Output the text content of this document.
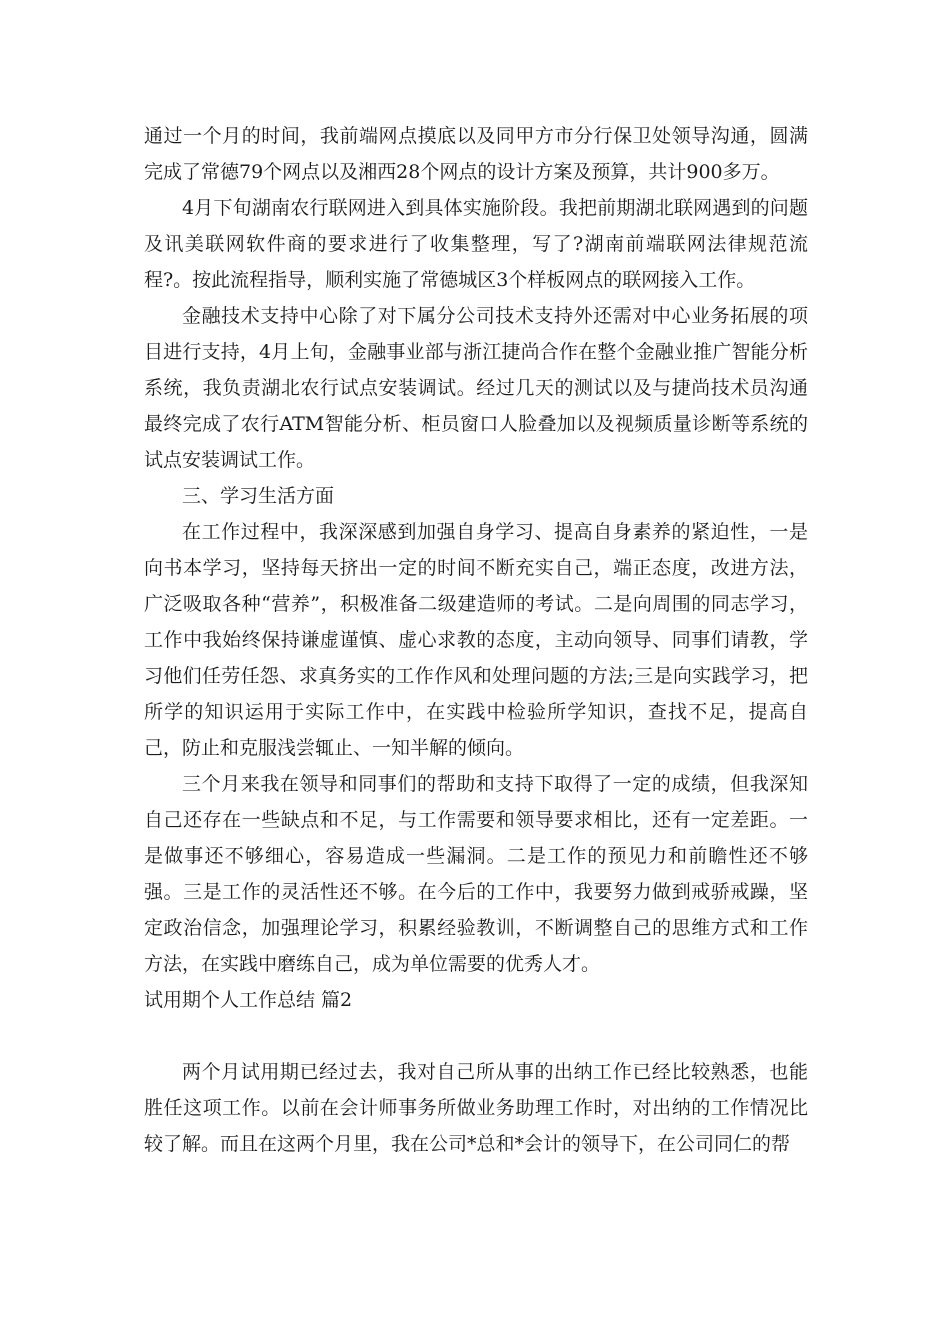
通过一个月的时间，我前端网点摸底以及同甲方市分行保卫处领导沟通，圆满完成了常德79个网点以及湘西28个网点的设计方案及预算，共计900多万。

4月下旬湖南农行联网进入到具体实施阶段。我把前期湖北联网遇到的问题及讯美联网软件商的要求进行了收集整理，写了?湖南前端联网法律规范流程?。按此流程指导，顺利实施了常德城区3个样板网点的联网接入工作。

金融技术支持中心除了对下属分公司技术支持外还需对中心业务拓展的项目进行支持，4月上旬，金融事业部与浙江捷尚合作在整个金融业推广智能分析系统，我负责湖北农行试点安装调试。经过几天的测试以及与捷尚技术员沟通最终完成了农行ATM智能分析、柜员窗口人脸叠加以及视频质量诊断等系统的试点安装调试工作。

三、学习生活方面

在工作过程中，我深深感到加强自身学习、提高自身素养的紧迫性，一是向书本学习，坚持每天挤出一定的时间不断充实自己，端正态度，改进方法，广泛吸取各种“营养”，积极准备二级建造师的考试。二是向周围的同志学习，工作中我始终保持谦虚谨慎、虚心求教的态度，主动向领导、同事们请教，学习他们任劳任怨、求真务实的工作作风和处理问题的方法;三是向实践学习，把所学的知识运用于实际工作中，在实践中检验所学知识，查找不足，提高自己，防止和克服浅尝辄止、一知半解的倾向。

三个月来我在领导和同事们的帮助和支持下取得了一定的成绩，但我深知自己还存在一些缺点和不足，与工作需要和领导要求相比，还有一定差距。一是做事还不够细心，容易造成一些漏洞。二是工作的预见力和前瞻性还不够强。三是工作的灵活性还不够。在今后的工作中，我要努力做到戒骄戒躁，坚定政治信念，加强理论学习，积累经验教训，不断调整自己的思维方式和工作方法，在实践中磨练自己，成为单位需要的优秀人才。

试用期个人工作总结 篇2

两个月试用期已经过去，我对自己所从事的出纳工作已经比较熟悉，也能胜任这项工作。以前在会计师事务所做业务助理工作时，对出纳的工作情况比较了解。而且在这两个月里，我在公司*总和*会计的领导下，在公司同仁的帮
